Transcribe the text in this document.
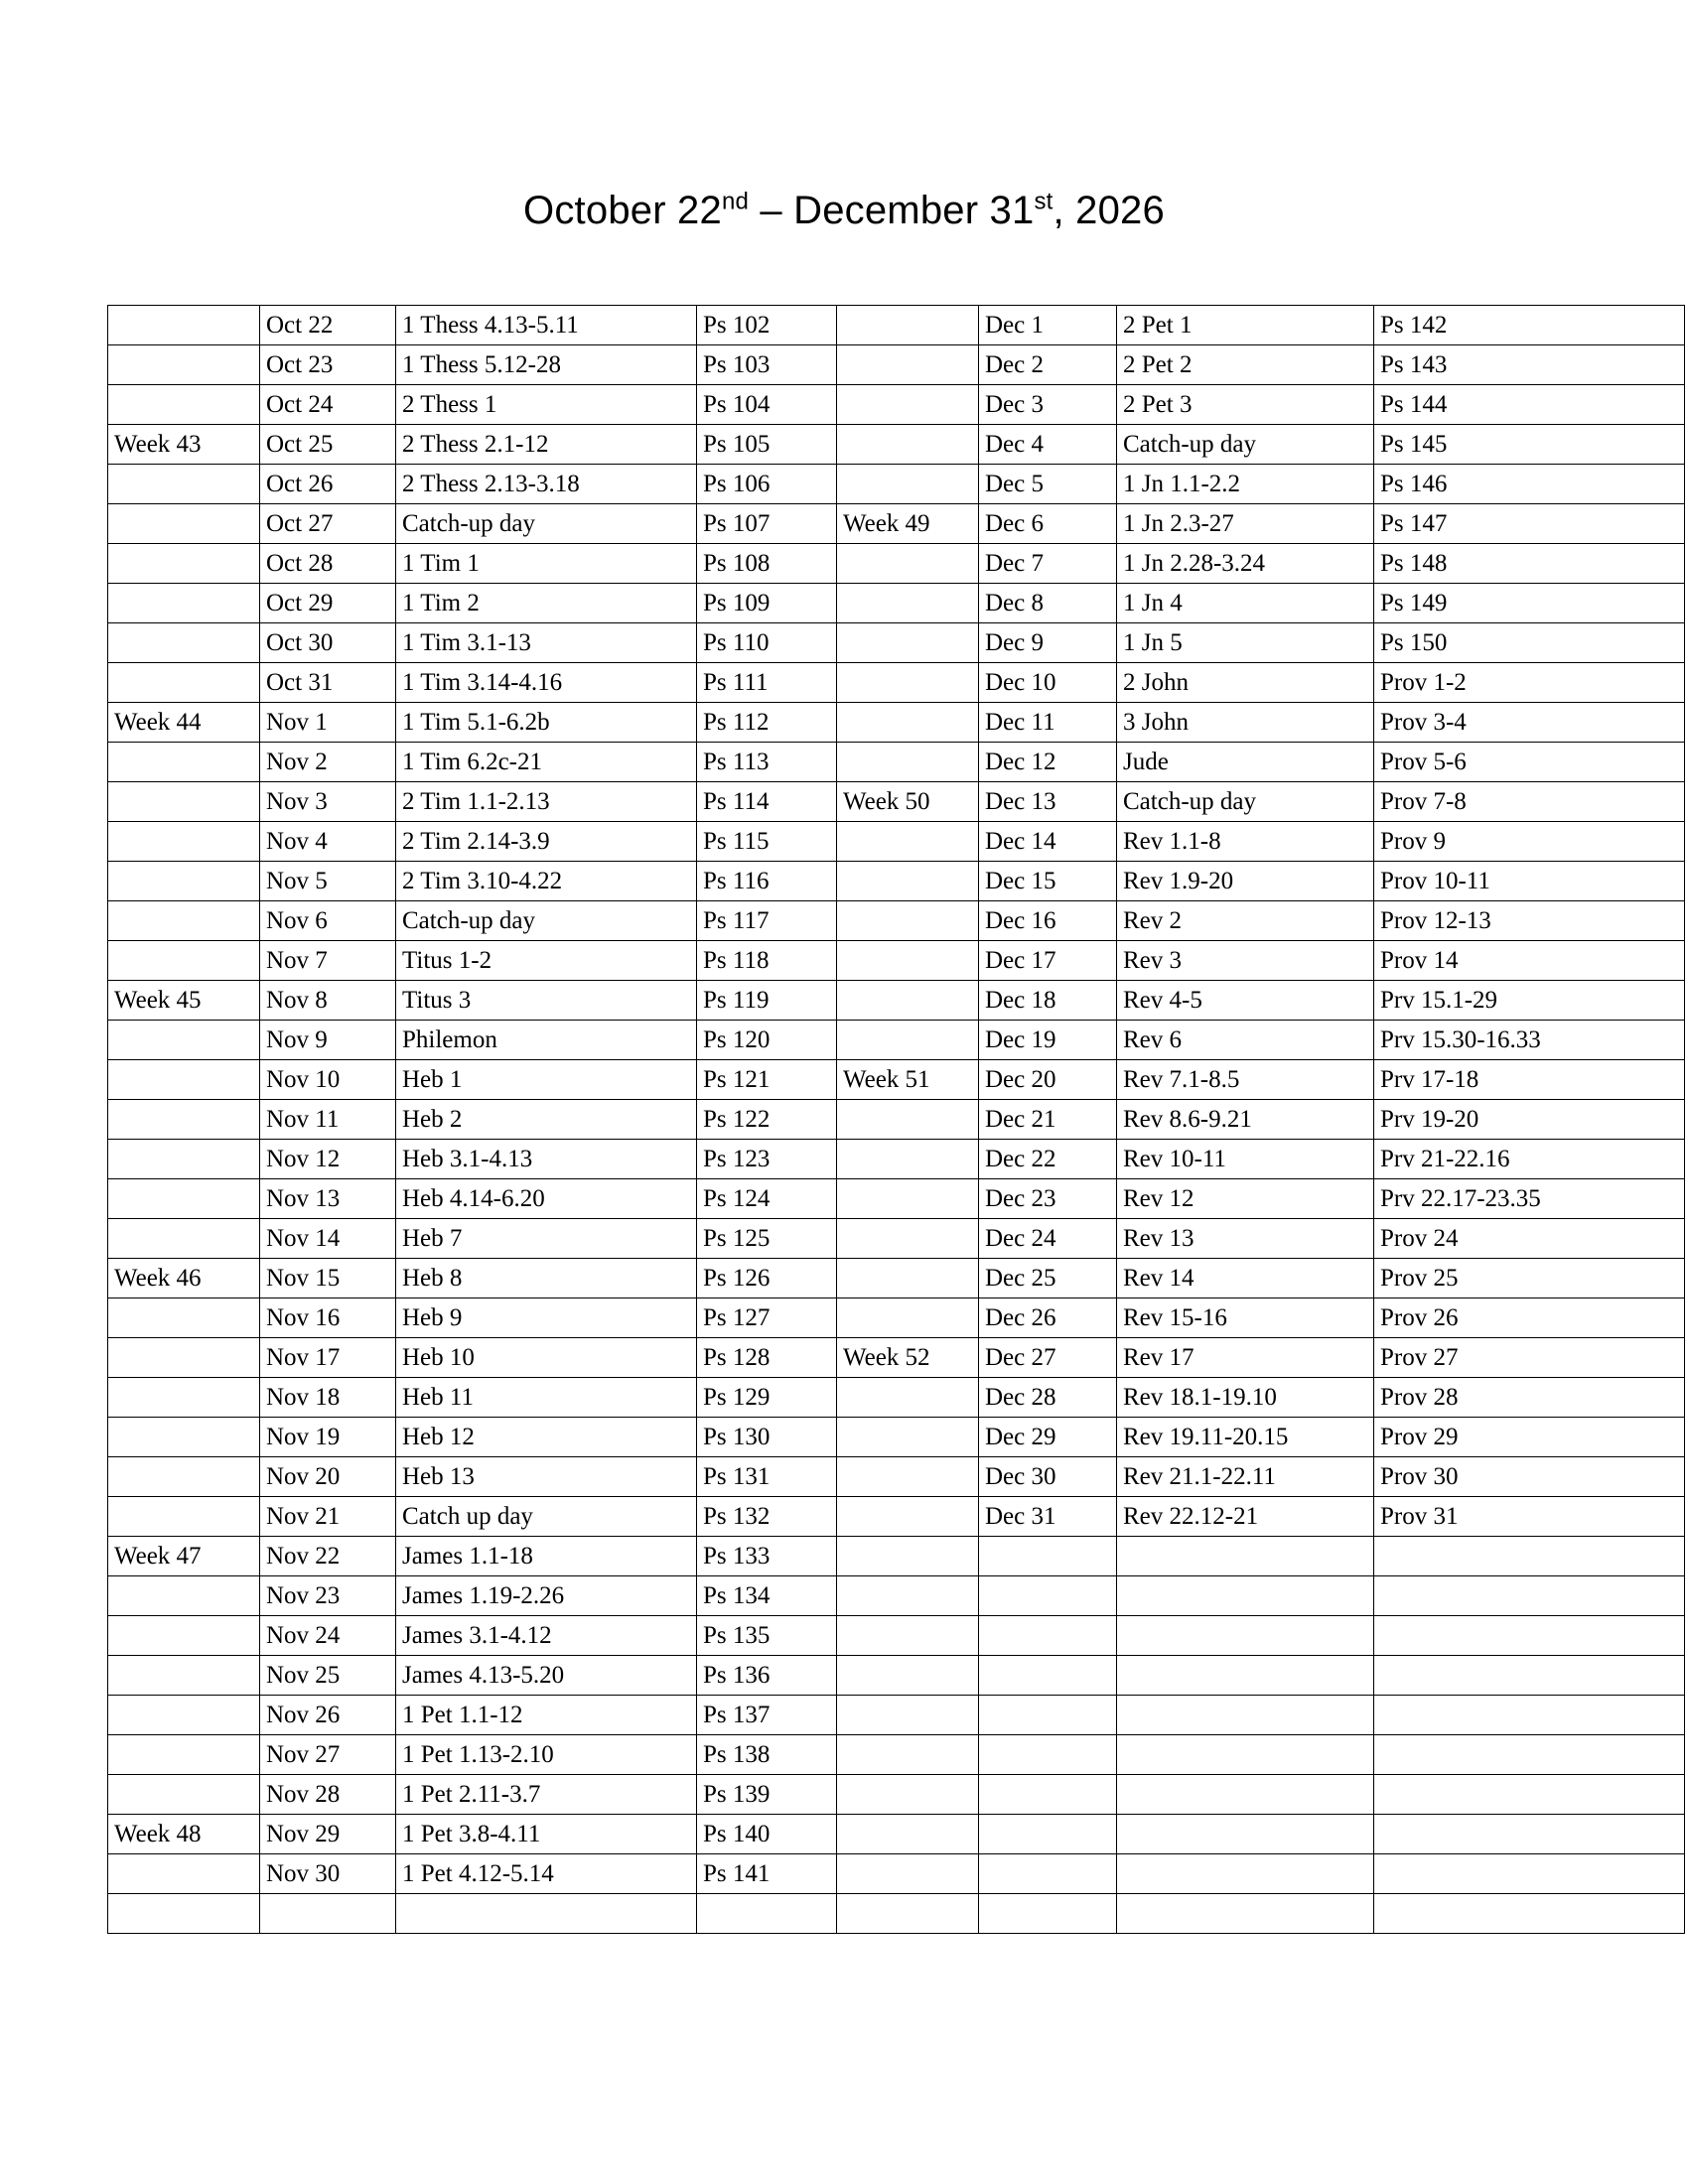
October 22nd – December 31st, 2026
	Oct 22	1 Thess 4.13-5.11	Ps 102		Dec 1	2 Pet 1	Ps 142
	Oct 23	1 Thess 5.12-28	Ps 103		Dec 2	2 Pet 2	Ps 143
	Oct 24	2 Thess 1	Ps 104		Dec 3	2 Pet 3	Ps 144
Week 43	Oct 25	2 Thess 2.1-12	Ps 105		Dec 4	Catch-up day	Ps 145
	Oct 26	2 Thess 2.13-3.18	Ps 106		Dec 5	1 Jn 1.1-2.2	Ps 146
	Oct 27	Catch-up day	Ps 107	Week 49	Dec 6	1 Jn 2.3-27	Ps 147
	Oct 28	1 Tim 1	Ps 108		Dec 7	1 Jn 2.28-3.24	Ps 148
	Oct 29	1 Tim 2	Ps 109		Dec 8	1 Jn 4	Ps 149
	Oct 30	1 Tim 3.1-13	Ps 110		Dec 9	1 Jn 5	Ps 150
	Oct 31	1 Tim 3.14-4.16	Ps 111		Dec 10	2 John	Prov 1-2
Week 44	Nov 1	1 Tim 5.1-6.2b	Ps 112		Dec 11	3 John	Prov 3-4
	Nov 2	1 Tim 6.2c-21	Ps 113		Dec 12	Jude	Prov 5-6
	Nov 3	2 Tim 1.1-2.13	Ps 114	Week 50	Dec 13	Catch-up day	Prov 7-8
	Nov 4	2 Tim 2.14-3.9	Ps 115		Dec 14	Rev 1.1-8	Prov 9
	Nov 5	2 Tim 3.10-4.22	Ps 116		Dec 15	Rev 1.9-20	Prov 10-11
	Nov 6	Catch-up day	Ps 117		Dec 16	Rev 2	Prov 12-13
	Nov 7	Titus 1-2	Ps 118		Dec 17	Rev 3	Prov 14
Week 45	Nov 8	Titus 3	Ps 119		Dec 18	Rev 4-5	Prv 15.1-29
	Nov 9	Philemon	Ps 120		Dec 19	Rev 6	Prv 15.30-16.33
	Nov 10	Heb 1	Ps 121	Week 51	Dec 20	Rev 7.1-8.5	Prv 17-18
	Nov 11	Heb 2	Ps 122		Dec 21	Rev 8.6-9.21	Prv 19-20
	Nov 12	Heb 3.1-4.13	Ps 123		Dec 22	Rev 10-11	Prv 21-22.16
	Nov 13	Heb 4.14-6.20	Ps 124		Dec 23	Rev 12	Prv 22.17-23.35
	Nov 14	Heb 7	Ps 125		Dec 24	Rev 13	Prov 24
Week 46	Nov 15	Heb 8	Ps 126		Dec 25	Rev 14	Prov 25
	Nov 16	Heb 9	Ps 127		Dec 26	Rev 15-16	Prov 26
	Nov 17	Heb 10	Ps 128	Week 52	Dec 27	Rev 17	Prov 27
	Nov 18	Heb 11	Ps 129		Dec 28	Rev 18.1-19.10	Prov 28
	Nov 19	Heb 12	Ps 130		Dec 29	Rev 19.11-20.15	Prov 29
	Nov 20	Heb 13	Ps 131		Dec 30	Rev 21.1-22.11	Prov 30
	Nov 21	Catch up day	Ps 132		Dec 31	Rev 22.12-21	Prov 31
Week 47	Nov 22	James 1.1-18	Ps 133				
	Nov 23	James 1.19-2.26	Ps 134				
	Nov 24	James 3.1-4.12	Ps 135				
	Nov 25	James 4.13-5.20	Ps 136				
	Nov 26	1 Pet 1.1-12	Ps 137				
	Nov 27	1 Pet 1.13-2.10	Ps 138				
	Nov 28	1 Pet 2.11-3.7	Ps 139				
Week 48	Nov 29	1 Pet 3.8-4.11	Ps 140				
	Nov 30	1 Pet 4.12-5.14	Ps 141				
